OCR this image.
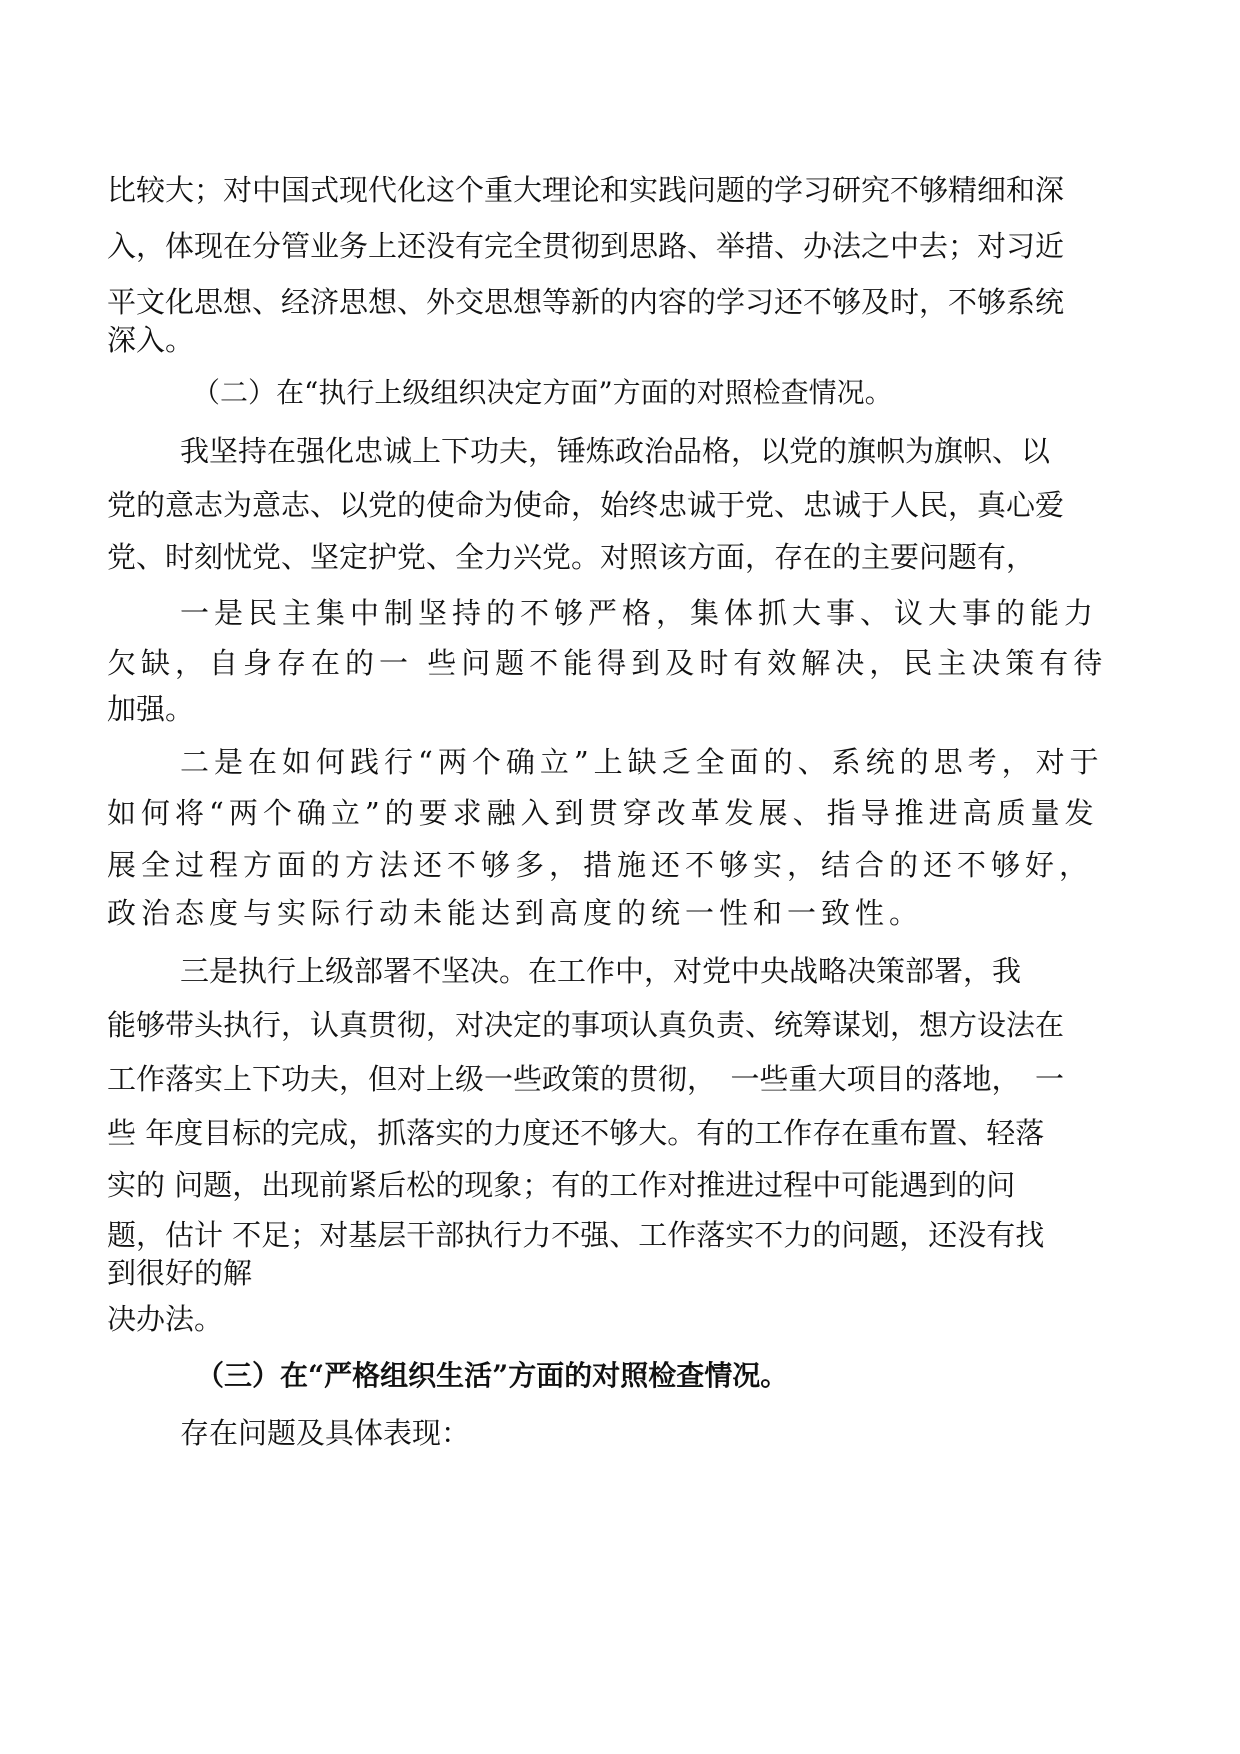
比较大；对中国式现代化这个重大理论和实践问题的学习研究不够精细和深
入，体现在分管业务上还没有完全贯彻到思路、举措、办法之中去；对习近
平文化思想、经济思想、外交思想等新的内容的学习还不够及时，不够系统
深入。
（二）在“执行上级组织决定方面”方面的对照检查情况。
我坚持在强化忠诚上下功夫，锤炼政治品格，以党的旗帜为旗帜、以
党的意志为意志、以党的使命为使命，始终忠诚于党、忠诚于人民，真心爱
党、时刻忧党、坚定护党、全力兴党。对照该方面，存在的主要问题有，
一是民主集中制坚持的不够严格，集体抓大事、议大事的能力
欠缺，自身存在的一 些问题不能得到及时有效解决，民主决策有待
加强。
二是在如何践行“两个确立”上缺乏全面的、系统的思考，对于
如何将“两个确立”的要求融入到贯穿改革发展、指导推进高质量发
展全过程方面的方法还不够多，措施还不够实，结合的还不够好，
政治态度与实际行动未能达到高度的统一性和一致性。
三是执行上级部署不坚决。在工作中，对党中央战略决策部署，我
能够带头执行，认真贯彻，对决定的事项认真负责、统筹谋划，想方设法在
工作落实上下功夫，但对上级一些政策的贯彻，　一些重大项目的落地，　一
些 年度目标的完成，抓落实的力度还不够大。有的工作存在重布置、轻落
实的 问题，出现前紧后松的现象；有的工作对推进过程中可能遇到的问
题，估计 不足；对基层干部执行力不强、工作落实不力的问题，还没有找
到很好的解
决办法。
（三）在“严格组织生活”方面的对照检查情况。
存在问题及具体表现：
